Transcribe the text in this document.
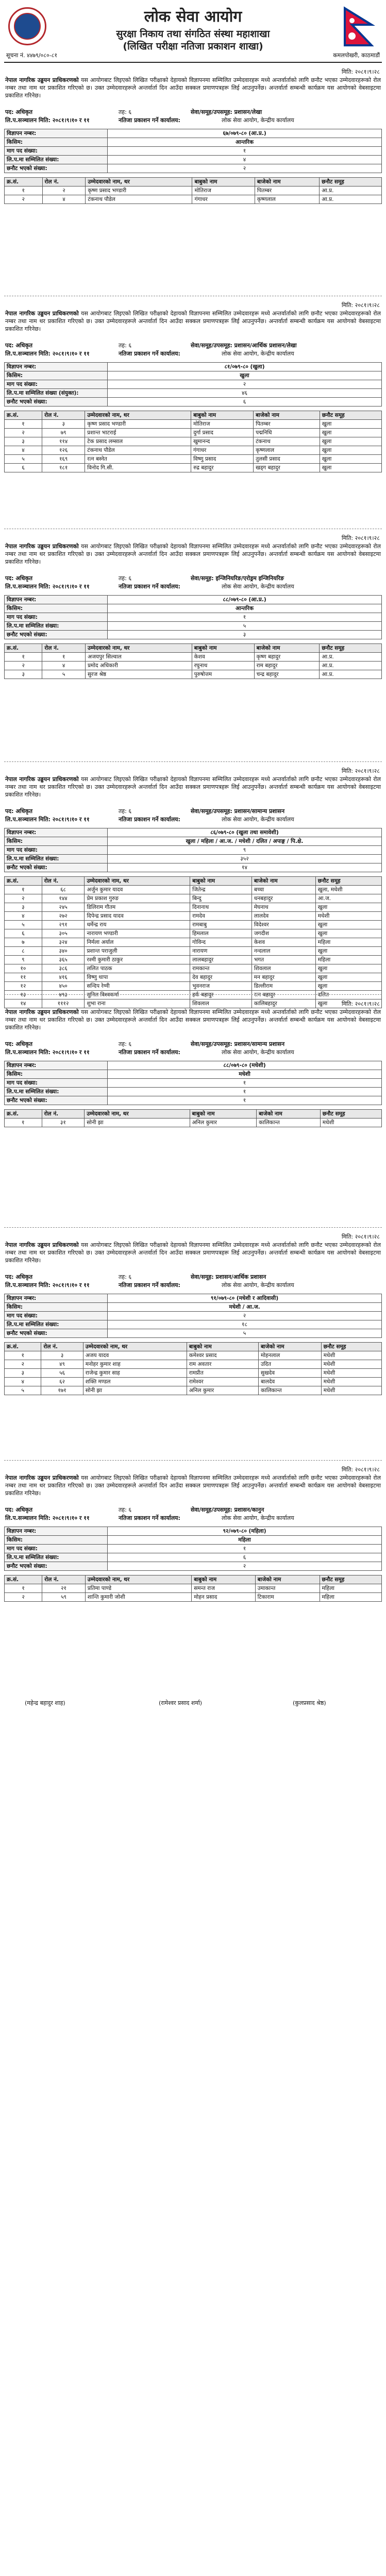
लोक सेवा आयोग
सुरक्षा निकाय तथा संगठित संस्था महाशाखा
(लिखित परीक्षा नतिजा प्रकाशन शाखा)
सूचना नं. ४४७९/०८०-८१	कमलपोखरी, काठमाडौं
मिति: २०८१।९।२८
नेपाल नागरिक उड्डयन प्राधिकरणको यस आयोगबाट लिइएको लिखित परीक्षाको देहायको विज्ञापनमा सम्मिलित उम्मेदवारहरू मध्ये अन्तर्वार्ताको लागि छनौट भएका उम्मेदवारहरूको रोल नम्बर तथा नाम थर प्रकाशित गरिएको छ। उक्त उम्मेदवारहरूले अन्तर्वार्ता दिन आउँदा सक्कल प्रमाणपत्रहरू लिई आउनुपर्नेछ। अन्तर्वार्ता सम्बन्धी कार्यक्रम यस आयोगको वेबसाइटमा प्रकाशित गरिनेछ।
पद: अधिकृत	तह: ६	सेवा/समूह/उपसमूह: प्रशासन/लेखा
लि.प.सञ्चालन मिति: २०८१।९।१० र ११	नतिजा प्रकाशन गर्ने कार्यालय:	लोक सेवा आयोग, केन्द्रीय कार्यालय
विज्ञापन नम्बर:	६७/०७९-८० (आ.प्र.)
किसिम:	आन्तरिक
माग पद संख्या:	१
लि.प.मा सम्मिलित संख्या:	४
छनौट भएको संख्या:	२
क्र.सं.	रोल नं.	उम्मेदवारको नाम, थर	बाबुको नाम	बाजेको नाम	छनौट समूह
१	२	कृष्ण प्रसाद भण्डारी	मोतिराज	पितम्बर	आ.प्र.
२	४	टंकनाथ पौडेल	गंगाधर	कृष्णलाल	आ.प्र.
मिति: २०८१।९।२८
नेपाल नागरिक उड्डयन प्राधिकरणको यस आयोगबाट लिइएको लिखित परीक्षाको देहायको विज्ञापनमा सम्मिलित उम्मेदवारहरू मध्ये अन्तर्वार्ताको लागि छनौट भएका उम्मेदवारहरूको रोल नम्बर तथा नाम थर प्रकाशित गरिएको छ। उक्त उम्मेदवारहरूले अन्तर्वार्ता दिन आउँदा सक्कल प्रमाणपत्रहरू लिई आउनुपर्नेछ। अन्तर्वार्ता सम्बन्धी कार्यक्रम यस आयोगको वेबसाइटमा प्रकाशित गरिनेछ।
पद: अधिकृत	तह: ६	सेवा/समूह/उपसमूह: प्रशासन/आर्थिक प्रशासन/लेखा
लि.प.सञ्चालन मिति: २०८१।९।१० र ११	नतिजा प्रकाशन गर्ने कार्यालय:	लोक सेवा आयोग, केन्द्रीय कार्यालय
विज्ञापन नम्बर:	८१/०७९-८० (खुला)
किसिम:	खुला
माग पद संख्या:	२
लि.प.मा सम्मिलित संख्या (संयुक्त):	४६
छनौट भएको संख्या:	६
क्र.सं.	रोल नं.	उम्मेदवारको नाम, थर	बाबुको नाम	बाजेको नाम	छनौट समूह
१	३	कृष्ण प्रसाद भण्डारी	मोतिराज	पितम्बर	खुला
२	७९	प्रशान्त भाटराई	दुर्गा प्रसाद	पद्मनिधि	खुला
३	११४	टेक प्रसाद लम्साल	खुमानन्द	टंकनाथ	खुला
४	१२६	टंकनाथ पौडेल	गंगाधर	कृष्णलाल	खुला
५	१६९	रत्न बस्नेत	विष्णु प्रसाद	तुलसी प्रसाद	खुला
६	१८१	विनोद गि.सी.	रुद्र बहादुर	खड्ग बहादुर	खुला
मिति: २०८१।९।२८
नेपाल नागरिक उड्डयन प्राधिकरणको यस आयोगबाट लिइएको लिखित परीक्षाको देहायको विज्ञापनमा सम्मिलित उम्मेदवारहरू मध्ये अन्तर्वार्ताको लागि छनौट भएका उम्मेदवारहरूको रोल नम्बर तथा नाम थर प्रकाशित गरिएको छ। उक्त उम्मेदवारहरूले अन्तर्वार्ता दिन आउँदा सक्कल प्रमाणपत्रहरू लिई आउनुपर्नेछ। अन्तर्वार्ता सम्बन्धी कार्यक्रम यस आयोगको वेबसाइटमा प्रकाशित गरिनेछ।
पद: अधिकृत	तह: ६	सेवा/समूह: इन्जिनियरिङ/एरोड्रम इन्जिनियरिङ
लि.प.सञ्चालन मिति: २०८१।९।१० र ११	नतिजा प्रकाशन गर्ने कार्यालय:	लोक सेवा आयोग, केन्द्रीय कार्यालय
विज्ञापन नम्बर:	८८/०७९-८० (आ.प्र.)
किसिम:	आन्तरिक
माग पद संख्या:	१
लि.प.मा सम्मिलित संख्या:	५
छनौट भएको संख्या:	३
क्र.सं.	रोल नं.	उम्मेदवारको नाम, थर	बाबुको नाम	बाजेको नाम	छनौट समूह
१	१	अजयपुर सिल्वाल	केशव	कृष्ण बहादुर	आ.प्र.
२	४	प्रमोद अधिकारी	रघुनाथ	राम बहादुर	आ.प्र.
३	५	सुरज श्रेष्ठ	पुरुषोत्तम	चन्द्र बहादुर	आ.प्र.
मिति: २०८१।९।२८
नेपाल नागरिक उड्डयन प्राधिकरणको यस आयोगबाट लिइएको लिखित परीक्षाको देहायको विज्ञापनमा सम्मिलित उम्मेदवारहरू मध्ये अन्तर्वार्ताको लागि छनौट भएका उम्मेदवारहरूको रोल नम्बर तथा नाम थर प्रकाशित गरिएको छ। उक्त उम्मेदवारहरूले अन्तर्वार्ता दिन आउँदा सक्कल प्रमाणपत्रहरू लिई आउनुपर्नेछ। अन्तर्वार्ता सम्बन्धी कार्यक्रम यस आयोगको वेबसाइटमा प्रकाशित गरिनेछ।
पद: अधिकृत	तह: ६	सेवा/समूह/उपसमूह: प्रशासन/सामान्य प्रशासन
लि.प.सञ्चालन मिति: २०८१।९।१० र ११	नतिजा प्रकाशन गर्ने कार्यालय:	लोक सेवा आयोग, केन्द्रीय कार्यालय
विज्ञापन नम्बर:	८६/०७९-८० (खुला तथा समावेशी)
किसिम:	खुला / महिला / आ.ज. / मधेशी / दलित / अपाङ्ग / पि.क्षे.
माग पद संख्या:	९
लि.प.मा सम्मिलित संख्या:	३५२
छनौट भएको संख्या:	१४
क्र.सं.	रोल नं.	उम्मेदवारको नाम, थर	बाबुको नाम	बाजेको नाम	छनौट समूह
१	६८	अर्जुन कुमार यादव	जितेन्द्र	बच्चा	खुला, मधेशी
२	१४४	प्रेम प्रकाश गुरुङ	बिन्दु	धनबहादुर	आ.ज.
३	२४५	डिलिराम गौतम	दिनानाथ	मेघनाथ	खुला
४	२७२	दिपेन्द्र प्रसाद यादव	रामदेव	लालदेव	मधेशी
५	२९१	धर्मेन्द्र राय	रामबाबु	विदेश्वर	खुला
६	३०५	नारायण भण्डारी	हिमलाल	जगदीश	खुला
७	३२४	निर्मला अर्याल	गोविन्द	केशव	महिला
८	३४०	प्रशान्त पराजुली	नारायण	नन्दलाल	खुला
९	३६५	रश्मी कुमारी ठाकुर	लालबहादुर	भगत	महिला
१०	३८६	ललित पाठक	रामकान्त	शिवलाल	खुला
११	४१६	विष्णु थापा	देव बहादुर	मन बहादुर	खुला
१२	४५०	सन्दिप रेग्मी	भुवनराज	डिल्लीराम	खुला
१३	४९३	सुनिल विश्वकर्मा	हर्क बहादुर	रत्न बहादुर	दलित
१४	१११२	शुभा राना	शिवलाल	कालिबहादुर	खुला	मिति: २०८१।९।२८
नेपाल नागरिक उड्डयन प्राधिकरणको यस आयोगबाट लिइएको लिखित परीक्षाको देहायको विज्ञापनमा सम्मिलित उम्मेदवारहरू मध्ये अन्तर्वार्ताको लागि छनौट भएका उम्मेदवारहरूको रोल नम्बर तथा नाम थर प्रकाशित गरिएको छ। उक्त उम्मेदवारहरूले अन्तर्वार्ता दिन आउँदा सक्कल प्रमाणपत्रहरू लिई आउनुपर्नेछ। अन्तर्वार्ता सम्बन्धी कार्यक्रम यस आयोगको वेबसाइटमा प्रकाशित गरिनेछ।
पद: अधिकृत	तह: ६	सेवा/समूह/उपसमूह: प्रशासन/सामान्य प्रशासन
लि.प.सञ्चालन मिति: २०८१।९।१० र ११	नतिजा प्रकाशन गर्ने कार्यालय:	लोक सेवा आयोग, केन्द्रीय कार्यालय
विज्ञापन नम्बर:	८८/०७९-८० (मधेशी)
किसिम:	मधेशी
माग पद संख्या:	१
लि.प.मा सम्मिलित संख्या:	१
छनौट भएको संख्या:	१
क्र.सं.	रोल नं.	उम्मेदवारको नाम, थर	बाबुको नाम	बाजेको नाम	छनौट समूह
१	३१	सोनी झा	अनिल कुमार	कालिकान्त	मधेशी
मिति: २०८१।९।२८
नेपाल नागरिक उड्डयन प्राधिकरणको यस आयोगबाट लिइएको लिखित परीक्षाको देहायको विज्ञापनमा सम्मिलित उम्मेदवारहरू मध्ये अन्तर्वार्ताको लागि छनौट भएका उम्मेदवारहरूको रोल नम्बर तथा नाम थर प्रकाशित गरिएको छ। उक्त उम्मेदवारहरूले अन्तर्वार्ता दिन आउँदा सक्कल प्रमाणपत्रहरू लिई आउनुपर्नेछ। अन्तर्वार्ता सम्बन्धी कार्यक्रम यस आयोगको वेबसाइटमा प्रकाशित गरिनेछ।
पद: अधिकृत	तह: ६	सेवा/समूह: प्रशासन/आर्थिक प्रशासन
लि.प.सञ्चालन मिति: २०८१।९।१० र ११	नतिजा प्रकाशन गर्ने कार्यालय:	लोक सेवा आयोग, केन्द्रीय कार्यालय
विज्ञापन नम्बर:	९१/०७९-८० (मधेशी र आदिवासी)
किसिम:	मधेशी / आ.ज.
माग पद संख्या:	२
लि.प.मा सम्मिलित संख्या:	१८
छनौट भएको संख्या:	५
क्र.सं.	रोल नं.	उम्मेदवारको नाम, थर	बाबुको नाम	बाजेको नाम	छनौट समूह
१	३	अजय यादव	कमेश्वर प्रसाद	मोहनलाल	मधेशी
२	४९	मनोहर कुमार शाह	राम अवतार	उदित	मधेशी
३	५६	राजेन्द्र कुमार साह	रामप्रीत	सुखदेव	मधेशी
४	६२	शक्ति मण्डल	रामेश्वर	बालदेव	मधेशी
५	१७१	सोनी झा	अनिल कुमार	कालिकान्त	मधेशी
मिति: २०८१।९।२८
नेपाल नागरिक उड्डयन प्राधिकरणको यस आयोगबाट लिइएको लिखित परीक्षाको देहायको विज्ञापनमा सम्मिलित उम्मेदवारहरू मध्ये अन्तर्वार्ताको लागि छनौट भएका उम्मेदवारहरूको रोल नम्बर तथा नाम थर प्रकाशित गरिएको छ। उक्त उम्मेदवारहरूले अन्तर्वार्ता दिन आउँदा सक्कल प्रमाणपत्रहरू लिई आउनुपर्नेछ। अन्तर्वार्ता सम्बन्धी कार्यक्रम यस आयोगको वेबसाइटमा प्रकाशित गरिनेछ।
पद: अधिकृत	तह: ६	सेवा/समूह/उपसमूह: प्रशासन/कानुन
लि.प.सञ्चालन मिति: २०८१।९।१० र ११	नतिजा प्रकाशन गर्ने कार्यालय:	लोक सेवा आयोग, केन्द्रीय कार्यालय
विज्ञापन नम्बर:	९२/०७९-८० (महिला)
किसिम:	महिला
माग पद संख्या:	१
लि.प.मा सम्मिलित संख्या:	६
छनौट भएको संख्या:	२
क्र.सं.	रोल नं.	उम्मेदवारको नाम, थर	बाबुको नाम	बाजेको नाम	छनौट समूह
१	२१	प्रतिमा पाण्डे	समन्त राज	उमाकान्त	महिला
२	५९	शान्ति कुमारी जोशी	मोहन प्रसाद	टिकाराम	महिला
(महेन्द्र बहादुर शाह)	(रामेश्वर प्रसाद शर्मा)	(कुलप्रसाद श्रेष्ठ)
